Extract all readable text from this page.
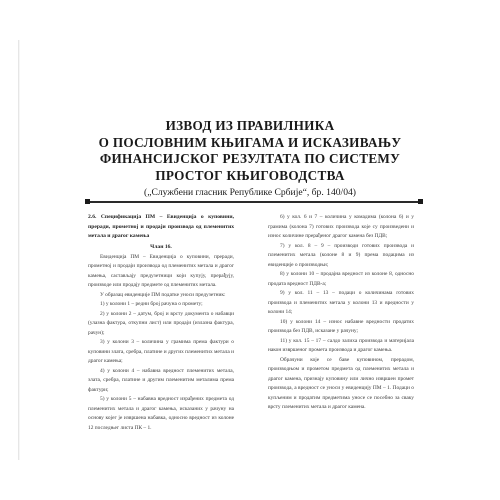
ИЗВОД ИЗ ПРАВИЛНИКА
О ПОСЛОВНИМ КЊИГАМА И ИСКАЗИВАЊУ
ФИНАНСИЈСКОГ РЕЗУЛТАТА ПО СИСТЕМУ
ПРОСТОГ КЊИГОВОДСТВА
(„Службени гласник Републике Србије“, бр. 140/04)

2.6. Спецификација ПМ – Евиденција о куповини, преради, прометној и продаји производа од племенитих метала и драгог камења

Члан 16.

Евиденција ПМ – Евиденција о куповини, преради, прометној и продаји производа од племенитих метала и драгог камења, састављају предузетници који купују, прерађују, производе или продају предмете од племенитих метала.

У образац евиденције ПМ податке уноси предузетник:

1) у колони 1 – редни број рачуна о промету;

2) у колони 2 – датум, број и врсту документа о набавци (улазна фактура, откупни лист) или продаји (излазна фактура, рачун);

3) у колони 3 – количина у грамима према фактури о куповини злата, сребра, платине и других племенитих метала и драгог камења;

4) у колони 4 – набавна вредност племенитих метала, злата, сребра, платине и другим племенитим металима према фактури;

5) у колони 5 – набавна вредност израђених предмета од племенитих метала и драгог камења, исказаних у рачуну на основу којег је извршена набавка, односно вредност из колоне 12 последњег листа ПК – 1.

6) у кол. 6 и 7 – количина у комадима (колона 6) и у грамима (колона 7) готових производа које су произведени и износ количине прерађеног драгог камена без ПДВ;

7) у кол. 8 – 9 – производи готових производа и племенитих метала (колоне 8 и 9) према подацима из евиденције о производњи;

8) у колони 10 – продајна вредност из колоне 8, односно продата вредност ПДВ-а;

9) у кол. 11 – 13 – подаци о количинама готових производа и племенитих метала у колони 13 и вредности у колони 14;

10) у колони 14 – износ набавне вредности продатих производа без ПДВ, исказане у рачуну;

11) у кол. 15 – 17 – салдо залиха производа и материјала након извршеног промета производа и драгог камења.

Обрачуни које се баве куповином, прерадом, производњом и прометом предмета од племенитих метала и драгог камена, признају куповину или лично извршен промет производа, а вредност се уноси у евиденцију ПМ – 1. Подаци о купљеним и продатим предметима уносе се посебно за сваку врсту племенитих метала и драгог камена.
